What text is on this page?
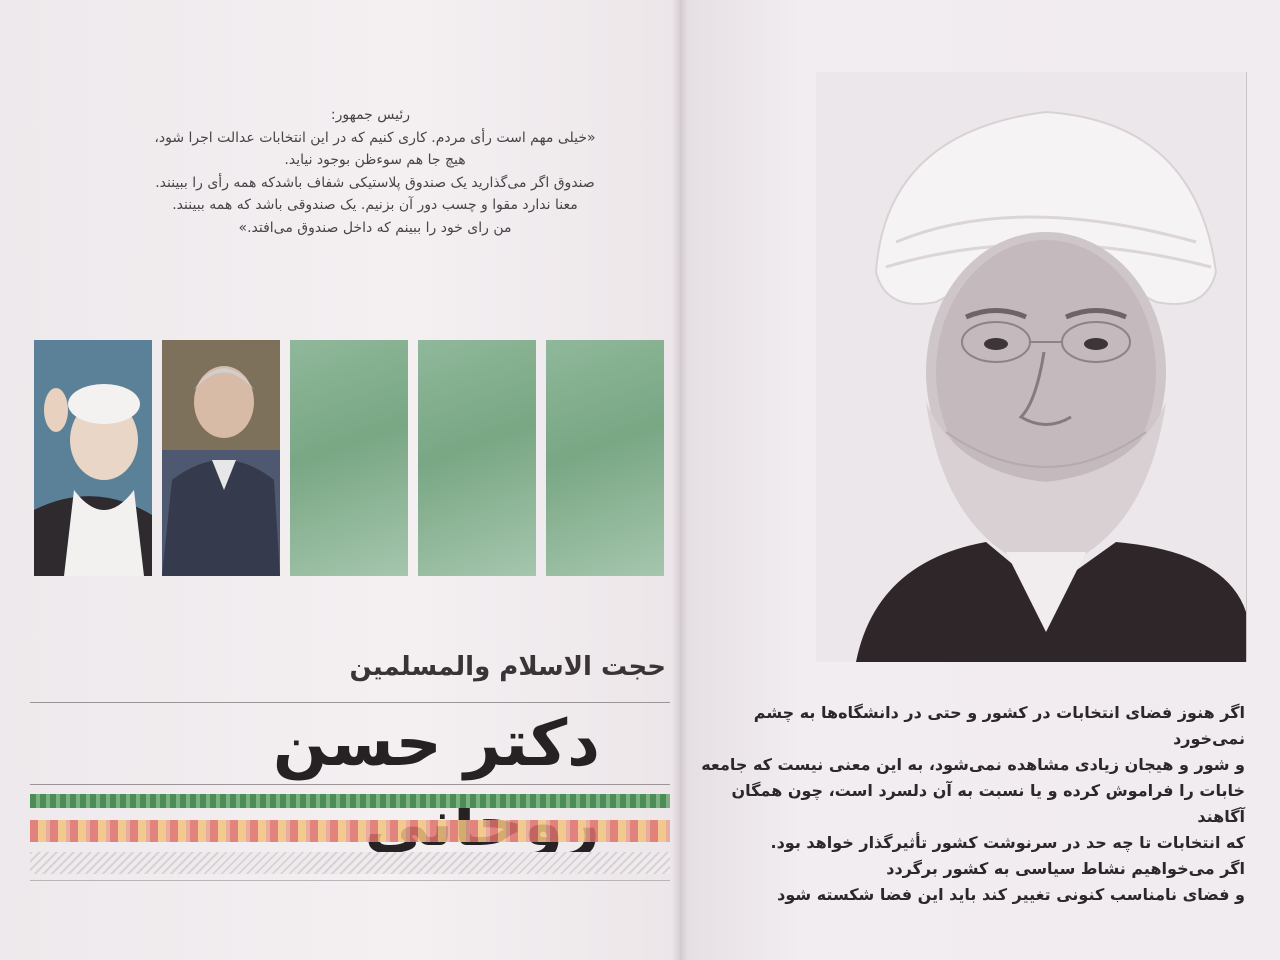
رئیس جمهور:

«خیلی مهم است رأی مردم. کاری کنیم که در این انتخابات عدالت اجرا شود،

هیچ جا هم سوءظن بوجود نیاید.

صندوق اگر می‌گذارید یک صندوق پلاستیکی شفاف باشدکه همه رأی را ببینند.

معنا ندارد مقوا و چسب دور آن بزنیم. یک صندوقی باشد که همه ببینند.

من رای خود را ببینم که داخل صندوق می‌افتد.»

حجت الاسلام والمسلمین
دکتر حسن	اگر هنوز فضای انتخابات در کشور و حتی در دانشگاه‌ها به چشم نمی‌خورد

و شور و هیجان زیادی مشاهده نمی‌شود، به این معنی نیست که جامعه

خابات را فراموش کرده و یا نسبت به آن دلسرد است، چون همگان آگاهند

که انتخابات تا چه حد در سرنوشت کشور تأثیرگذار خواهد بود.

اگر می‌خواهیم نشاط سیاسی به کشور برگردد

و فضای نامناسب کنونی تغییر کند باید این فضا شکسته شود
